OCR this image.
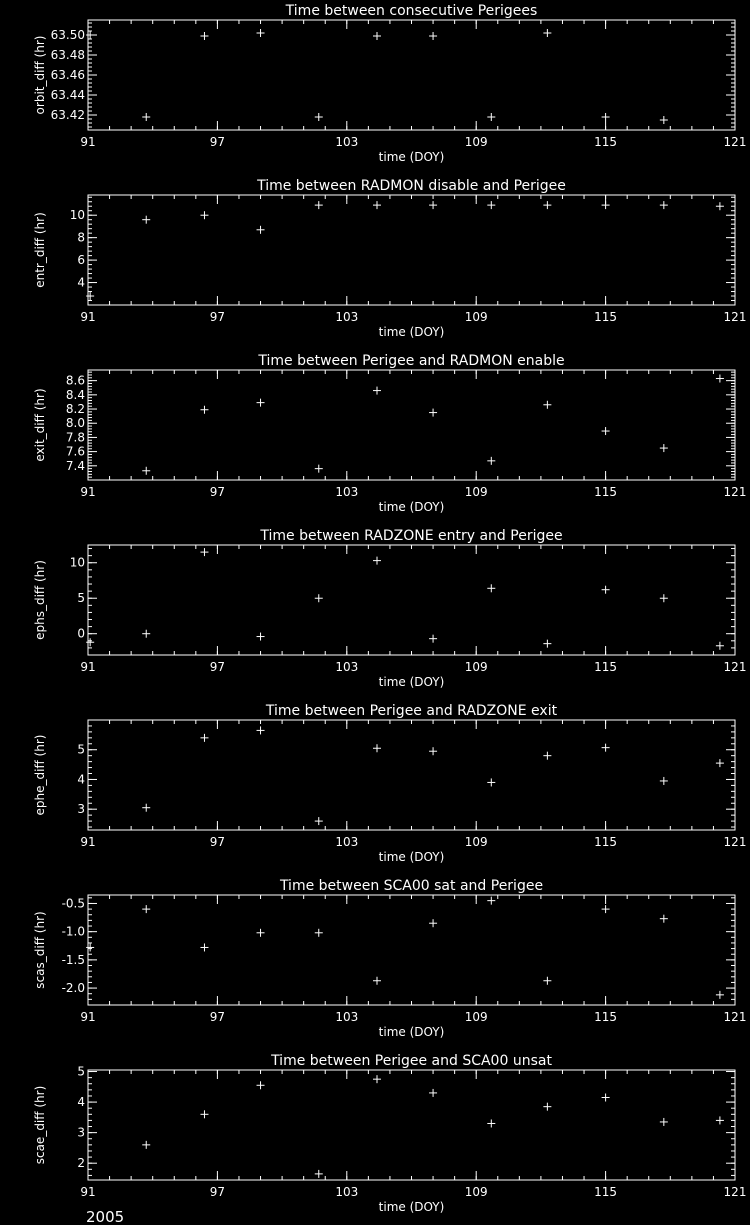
Time between consecutive Perigees
91	97	103	109	115	121
63.42
63.44
63.46
63.48
63.50
time (DOY)
orbit_diff (hr)
Time between RADMON disable and Perigee
91	97	103	109	115	121
4
6
8
10
time (DOY)
entr_diff (hr)
Time between Perigee and RADMON enable
91	97	103	109	115	121
7.4
7.6
7.8
8.0
8.2
8.4
8.6
time (DOY)
exit_diff (hr)
Time between RADZONE entry and Perigee
91	97	103	109	115	121
0
5
10
time (DOY)
ephs_diff (hr)
Time between Perigee and RADZONE exit
91	97	103	109	115	121
3
4
5
time (DOY)
ephe_diff (hr)
Time between SCA00 sat and Perigee
91	97	103	109	115	121
-2.0
-1.5
-1.0
-0.5
time (DOY)
scas_diff (hr)
Time between Perigee and SCA00 unsat
91	97	103	109	115	121
2
3
4
5
time (DOY)
scae_diff (hr)
2005
